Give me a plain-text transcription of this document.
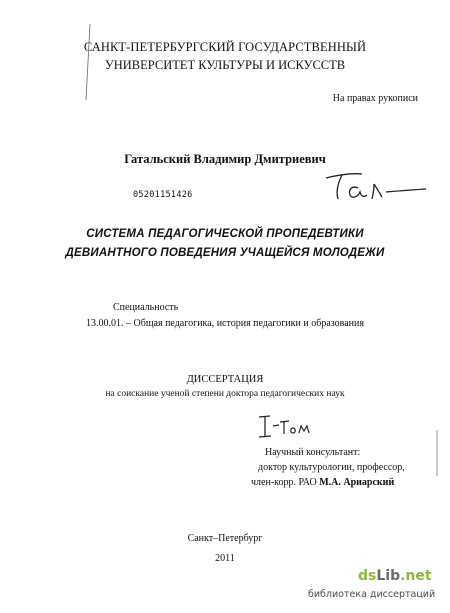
САНКТ-ПЕТЕРБУРГСКИЙ ГОСУДАРСТВЕННЫЙ
УНИВЕРСИТЕТ КУЛЬТУРЫ И ИСКУССТВ
На правах рукописи
Гатальский Владимир Дмитриевич
05201151426
СИСТЕМА ПЕДАГОГИЧЕСКОЙ ПРОПЕДЕВТИКИ
ДЕВИАНТНОГО ПОВЕДЕНИЯ УЧАЩЕЙСЯ МОЛОДЕЖИ
Специальность
13.00.01. – Общая педагогика, история педагогики и образования
ДИССЕРТАЦИЯ
на соискание ученой степени доктора педагогических наук
Научный консультант:
доктор культурологии, профессор,
член-корр. РАО М.А. Ариарский
Санкт–Петербург
2011
dsLib.net
библиотека диссертаций
